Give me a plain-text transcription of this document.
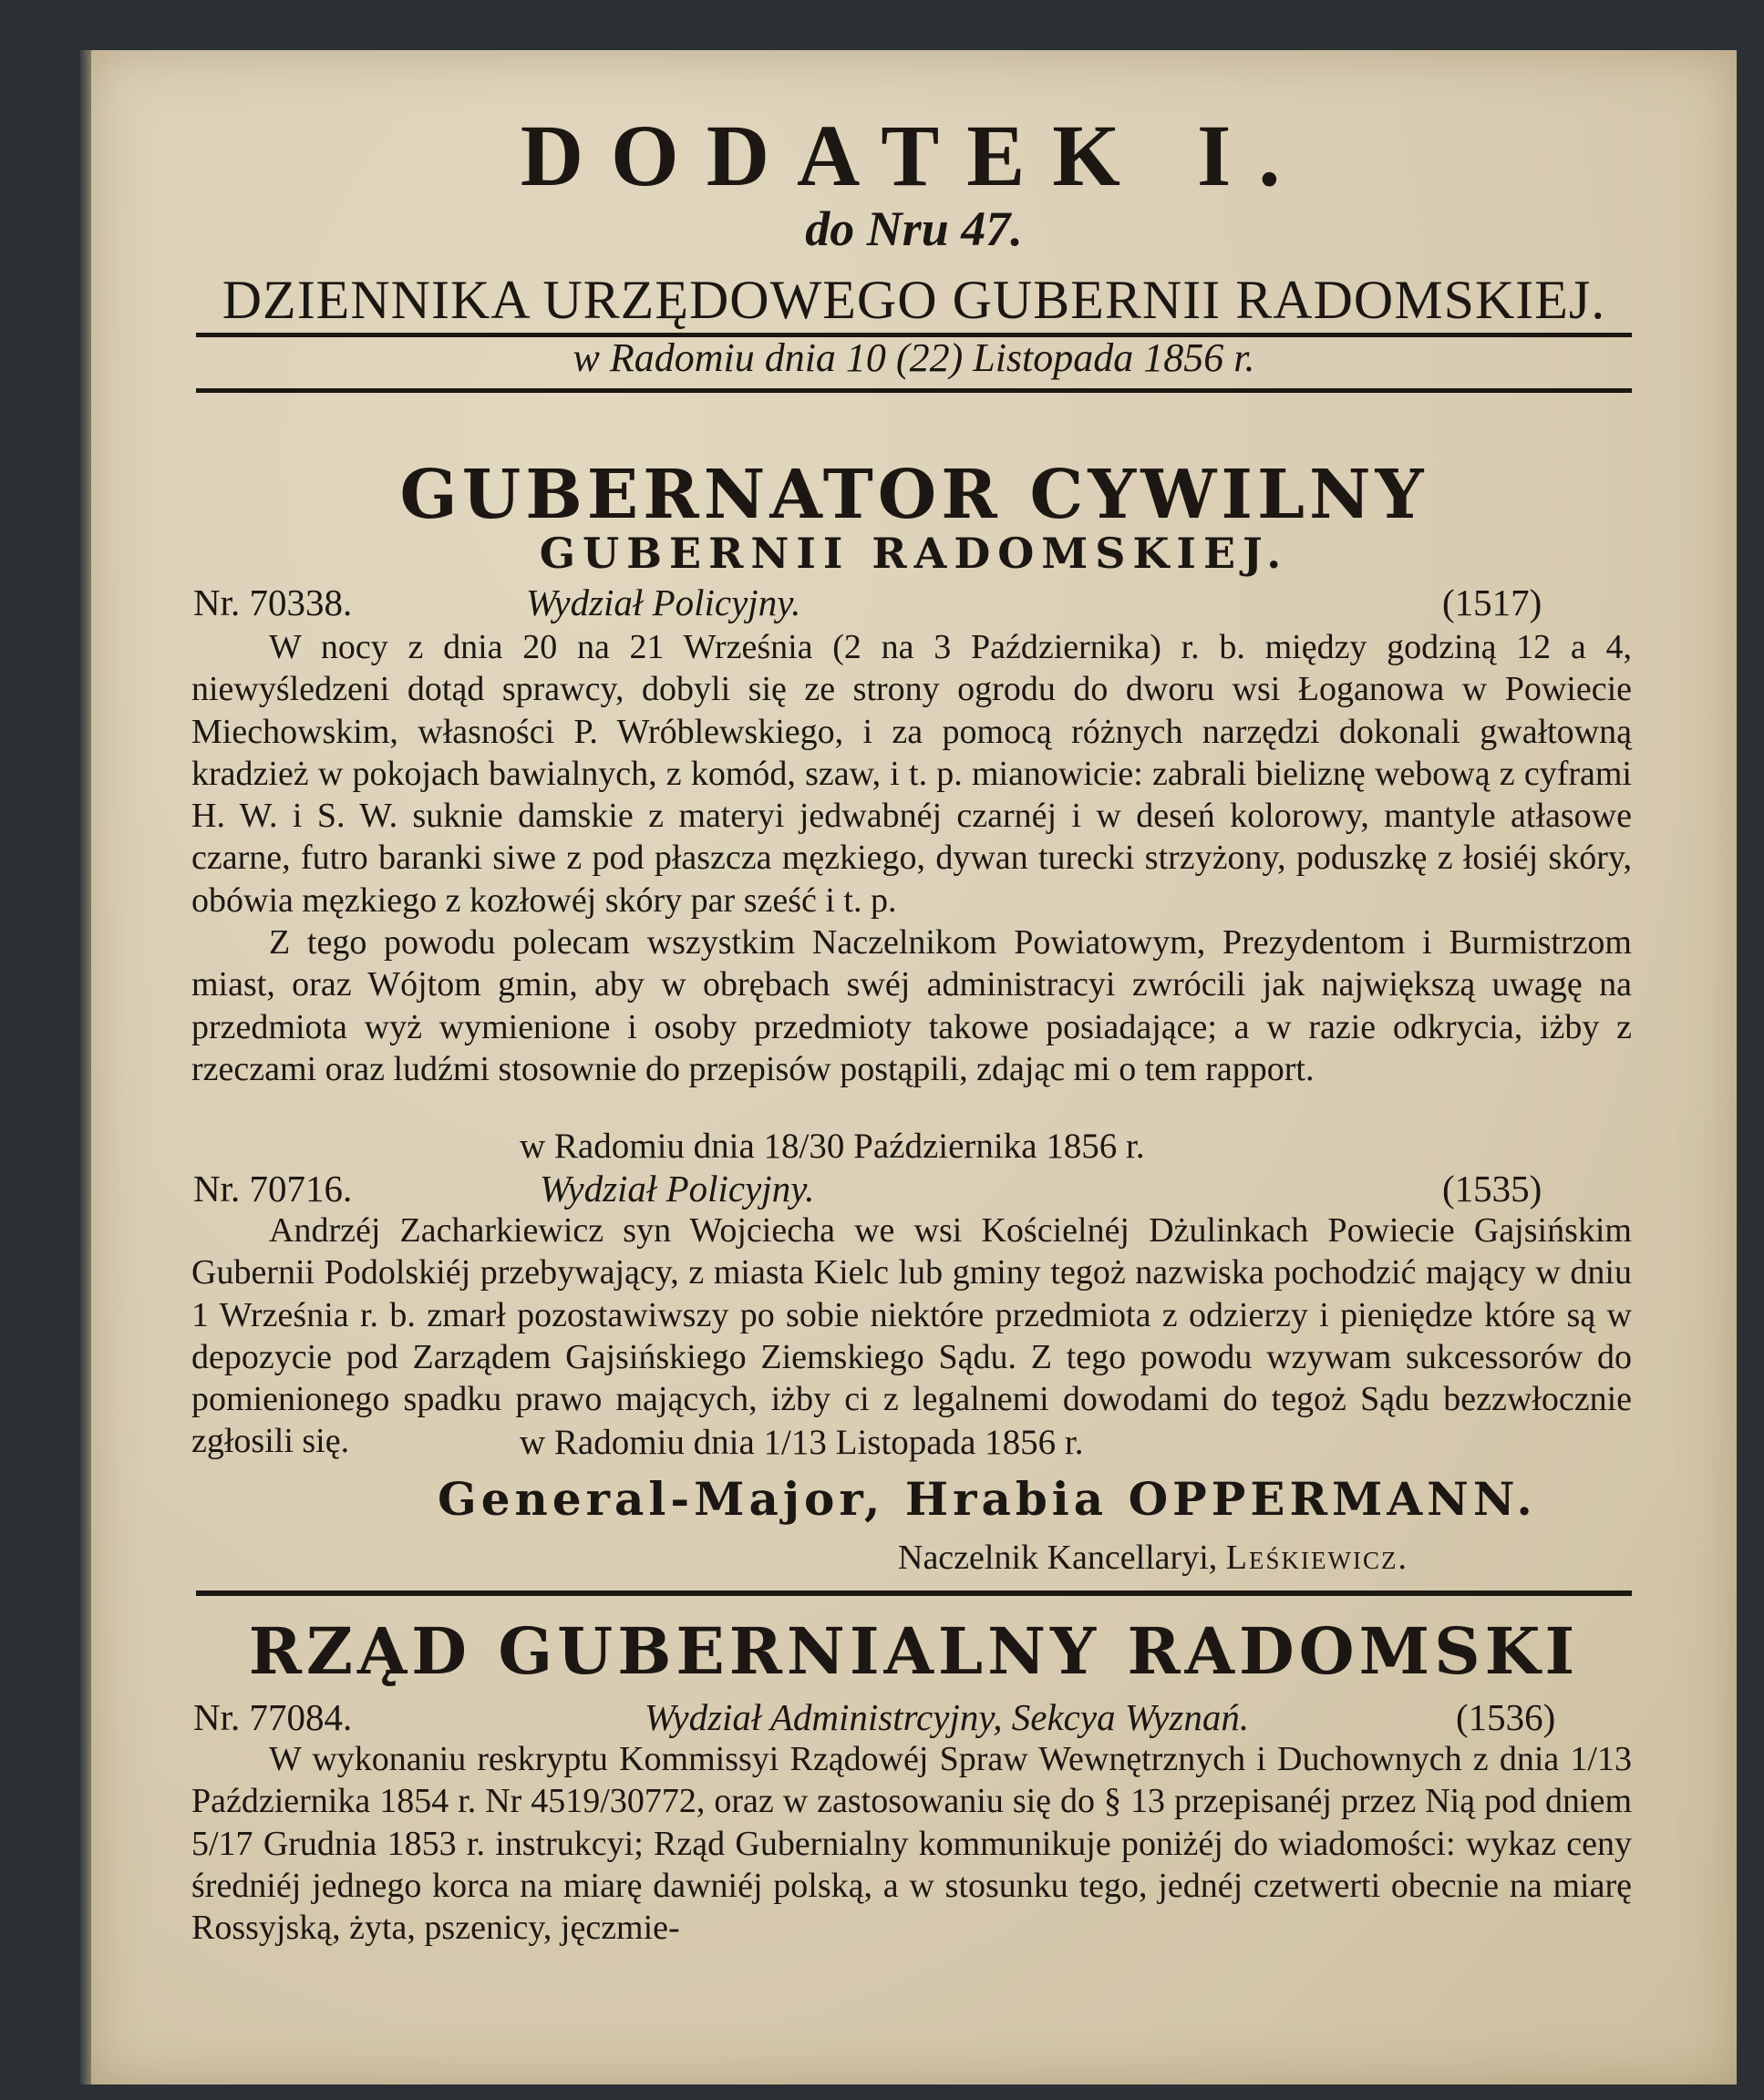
DODATEK I.
do Nru 47.
DZIENNIKA URZĘDOWEGO GUBERNII RADOMSKIEJ.
w Radomiu dnia 10 (22) Listopada 1856 r.
GUBERNATOR CYWILNY
GUBERNII RADOMSKIEJ.
Nr. 70338.	Wydział Policyjny.	(1517)

W nocy z dnia 20 na 21 Września (2 na 3 Października) r. b. między godziną 12 a 4, niewyśledzeni dotąd sprawcy, dobyli się ze strony ogrodu do dworu wsi Łoganowa w Powiecie Miechowskim, własności P. Wróblewskiego, i za pomocą różnych narzędzi dokonali gwałtowną kradzież w pokojach bawialnych, z komód, szaw, i t. p. mianowicie: zabrali bieliznę webową z cyframi H. W. i S. W. suknie damskie z materyi jedwabnéj czarnéj i w deseń kolorowy, mantyle atłasowe czarne, futro baranki siwe z pod płaszcza męzkiego, dywan turecki strzyżony, poduszkę z łosiéj skóry, obówia męzkiego z kozłowéj skóry par sześć i t. p.

Z tego powodu polecam wszystkim Naczelnikom Powiatowym, Prezydentom i Burmistrzom miast, oraz Wójtom gmin, aby w obrębach swéj administracyi zwrócili jak największą uwagę na przedmiota wyż wymienione i osoby przedmioty takowe posiadające; a w razie odkrycia, iżby z rzeczami oraz ludźmi stosownie do przepisów postąpili, zdając mi o tem rapport.

w Radomiu dnia 18/30 Października 1856 r.
Nr. 70716.	Wydział Policyjny.	(1535)

Andrzéj Zacharkiewicz syn Wojciecha we wsi Kościelnéj Dżulinkach Powiecie Gajsińskim Gubernii Podolskiéj przebywający, z miasta Kielc lub gminy tegoż nazwiska pochodzić mający w dniu 1 Września r. b. zmarł pozostawiwszy po sobie niektóre przedmiota z odzierzy i pieniędze które są w depozycie pod Zarządem Gajsińskiego Ziemskiego Sądu. Z tego powodu wzywam sukcessorów do pomienionego spadku prawo mających, iżby ci z legalnemi dowodami do tegoż Sądu bezzwłocznie zgłosili się.	w Radomiu dnia 1/13 Listopada 1856 r.
General-Major, Hrabia OPPERMANN.
Naczelnik Kancellaryi, Leśkiewicz.
RZĄD GUBERNIALNY RADOMSKI
Nr. 77084.	Wydział Administrcyjny, Sekcya Wyznań.	(1536)

W wykonaniu reskryptu Kommissyi Rządowéj Spraw Wewnętrznych i Duchownych z dnia 1/13 Października 1854 r. Nr 4519/30772, oraz w zastosowaniu się do § 13 przepisanéj przez Nią pod dniem 5/17 Grudnia 1853 r. instrukcyi; Rząd Gubernialny kommunikuje poniżéj do wiadomości: wykaz ceny średniéj jednego korca na miarę dawniéj polską, a w stosunku tego, jednéj czetwerti obecnie na miarę Rossyjską, żyta, pszenicy, jęczmie-
